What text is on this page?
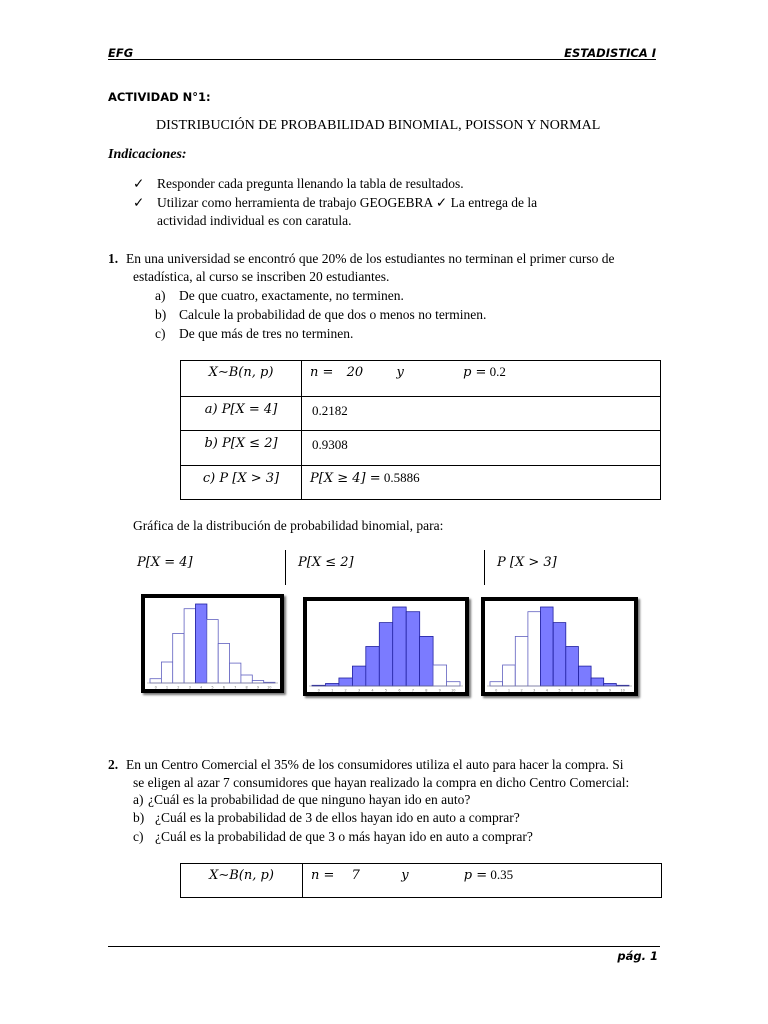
EFG	ESTADISTICA I
ACTIVIDAD N°1:
DISTRIBUCIÓN DE PROBABILIDAD BINOMIAL, POISSON Y NORMAL
Indicaciones:
✓ Responder cada pregunta llenando la tabla de resultados.
✓ Utilizar como herramienta de trabajo GEOGEBRA ✓ La entrega de la
actividad individual es con caratula.
1. En una universidad se encontró que 20% de los estudiantes no terminan el primer curso de
estadística, al curso se inscriben 20 estudiantes.
a) De que cuatro, exactamente, no terminen.
b) Calcule la probabilidad de que dos o menos no terminen.
c) De que más de tres no terminen.
X∼B(n, p)	n = 20 y p = 0.2
a) P[X = 4]	0.2182
b) P[X ≤ 2]	0.9308
c) P [X > 3]	P[X ≥ 4] = 0.5886
Gráfica de la distribución de probabilidad binomial, para:
P[X = 4]	P[X ≤ 2]	P [X > 3]
0	1	2	3	4	5	6	7	8	9 10
0	1	2	3	4	5	6	7	8	9	10	0	1	2	3	4	5	6	7	8	9	10
2. En un Centro Comercial el 35% de los consumidores utiliza el auto para hacer la compra. Si
se eligen al azar 7 consumidores que hayan realizado la compra en dicho Centro Comercial:
a) ¿Cuál es la probabilidad de que ninguno hayan ido en auto?
b) ¿Cuál es la probabilidad de 3 de ellos hayan ido en auto a comprar?
c) ¿Cuál es la probabilidad de que 3 o más hayan ido en auto a comprar?
X∼B(n, p)	n = 7	y	p = 0.35
pág. 1
